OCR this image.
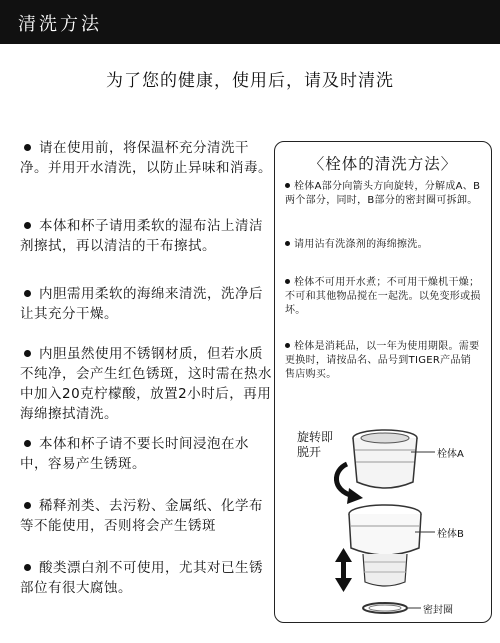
清洗方法
为了您的健康，使用后，请及时清洗
请在使用前，将保温杯充分清洗干净。并用开水清洗，以防止异味和消毒。
本体和杯子请用柔软的湿布沾上清洁剂擦拭，再以清洁的干布擦拭。
内胆需用柔软的海绵来清洗，洗净后让其充分干燥。
内胆虽然使用不锈钢材质，但若水质不纯净，会产生红色锈斑，这时需在热水中加入20克柠檬酸，放置2小时后，再用海绵擦拭清洗。
本体和杯子请不要长时间浸泡在水中，容易产生锈斑。
稀释剂类、去污粉、金属纸、化学布等不能使用，否则将会产生锈斑
酸类漂白剂不可使用，尤其对已生锈部位有很大腐蚀。
〈栓体的清洗方法〉
栓体A部分向箭头方向旋转，分解成A、B两个部分，同时，B部分的密封圈可拆卸。
请用沾有洗涤剂的海绵擦洗。
栓体不可用开水煮；不可用干燥机干燥；不可和其他物品搅在一起洗。以免变形或损坏。
栓体是消耗品，以一年为使用期限。需要更换时，请按品名、品号到TIGER产品销售店购买。
旋转即脱开	栓体A
栓体B
密封圈
